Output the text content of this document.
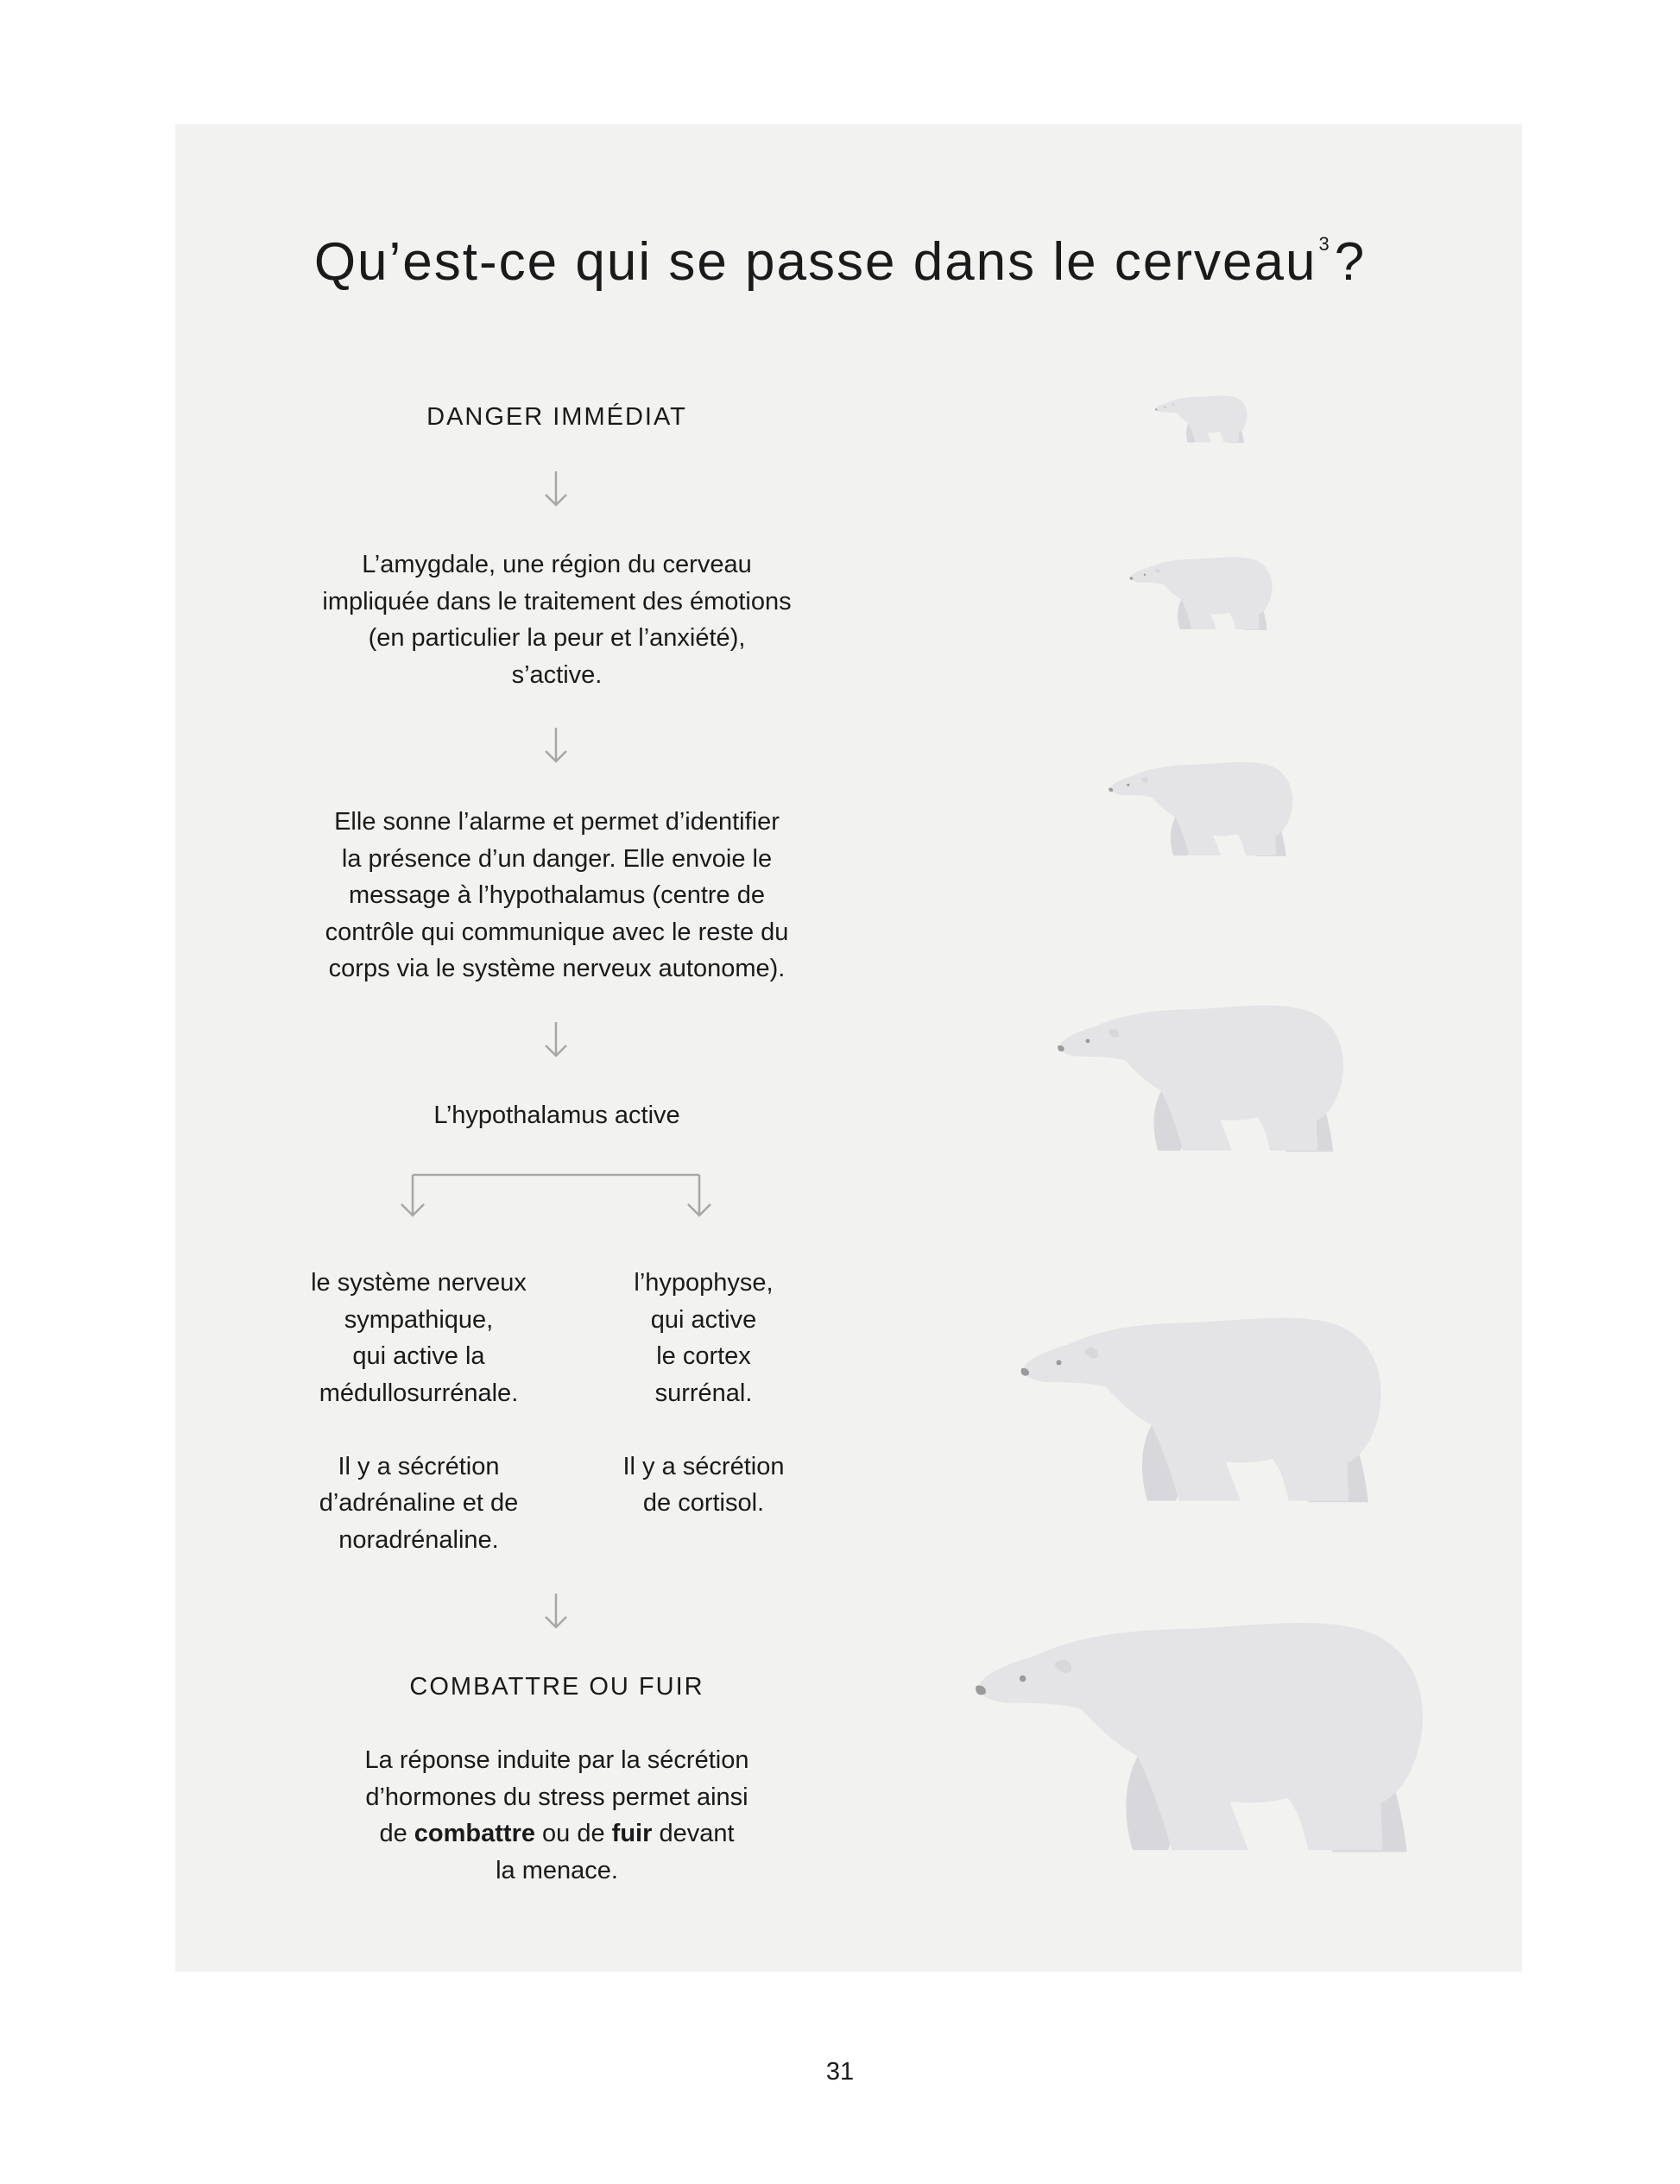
Qu’est-ce qui se passe dans le cerveau$^3$?
DANGER IMMÉDIAT
L’amygdale, une région du cerveau
impliquée dans le traitement des émotions
(en particulier la peur et l’anxiété),
s’active.
Elle sonne l’alarme et permet d’identifier
la présence d’un danger. Elle envoie le
message à l’hypothalamus (centre de
contrôle qui communique avec le reste du
corps via le système nerveux autonome).
L’hypothalamus active
le système nerveux
sympathique,
qui active la
médullosurrénale.
Il y a sécrétion
d’adrénaline et de
noradrénaline.
l’hypophyse,
qui active
le cortex
surrénal.
Il y a sécrétion
de cortisol.
COMBATTRE OU FUIR
La réponse induite par la sécrétion
d’hormones du stress permet ainsi
de combattre ou de fuir devant
la menace.
31
